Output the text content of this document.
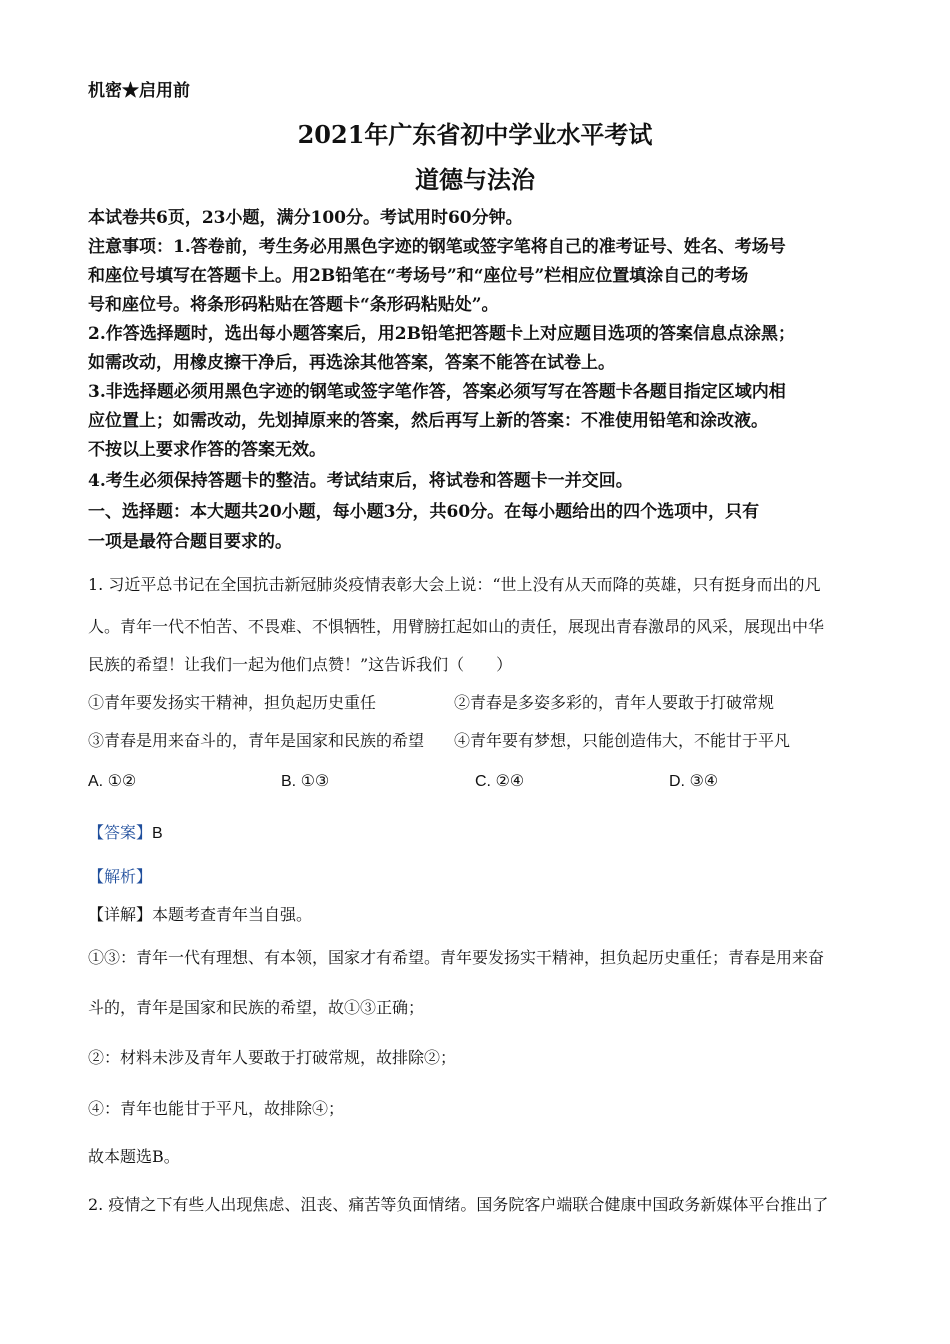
机密★启用前
2021年广东省初中学业水平考试
道德与法治
本试卷共6页，23小题，满分100分。考试用时60分钟。
注意事项：1.答卷前，考生务必用黑色字迹的钢笔或签字笔将自己的准考证号、姓名、考场号
和座位号填写在答题卡上。用2B铅笔在“考场号”和“座位号”栏相应位置填涂自己的考场
号和座位号。将条形码粘贴在答题卡“条形码粘贴处”。
2.作答选择题时，选出每小题答案后，用2B铅笔把答题卡上对应题目选项的答案信息点涂黑；
如需改动，用橡皮擦干净后，再选涂其他答案，答案不能答在试卷上。
3.非选择题必须用黑色字迹的钢笔或签字笔作答，答案必须写写在答题卡各题目指定区域内相
应位置上；如需改动，先划掉原来的答案，然后再写上新的答案：不准使用铅笔和涂改液。
不按以上要求作答的答案无效。
4.考生必须保持答题卡的整洁。考试结束后，将试卷和答题卡一并交回。
一、选择题：本大题共20小题，每小题3分，共60分。在每小题给出的四个选项中，只有
一项是最符合题目要求的。
1. 习近平总书记在全国抗击新冠肺炎疫情表彰大会上说：“世上没有从天而降的英雄，只有挺身而出的凡
人。青年一代不怕苦、不畏难、不惧牺牲，用臂膀扛起如山的责任，展现出青春激昂的风采，展现出中华
民族的希望！让我们一起为他们点赞！”这告诉我们（　　）
①青年要发扬实干精神，担负起历史重任	②青春是多姿多彩的，青年人要敢于打破常规
③青春是用来奋斗的，青年是国家和民族的希望 ④青年要有梦想，只能创造伟大，不能甘于平凡
A. ①②	B. ①③	C. ②④	D. ③④
【答案】B
【解析】
【详解】本题考查青年当自强。
①③：青年一代有理想、有本领，国家才有希望。青年要发扬实干精神，担负起历史重任；青春是用来奋
斗的，青年是国家和民族的希望，故①③正确；
②：材料未涉及青年人要敢于打破常规，故排除②；
④：青年也能甘于平凡，故排除④；
故本题选B。
2. 疫情之下有些人出现焦虑、沮丧、痛苦等负面情绪。国务院客户端联合健康中国政务新媒体平台推出了
